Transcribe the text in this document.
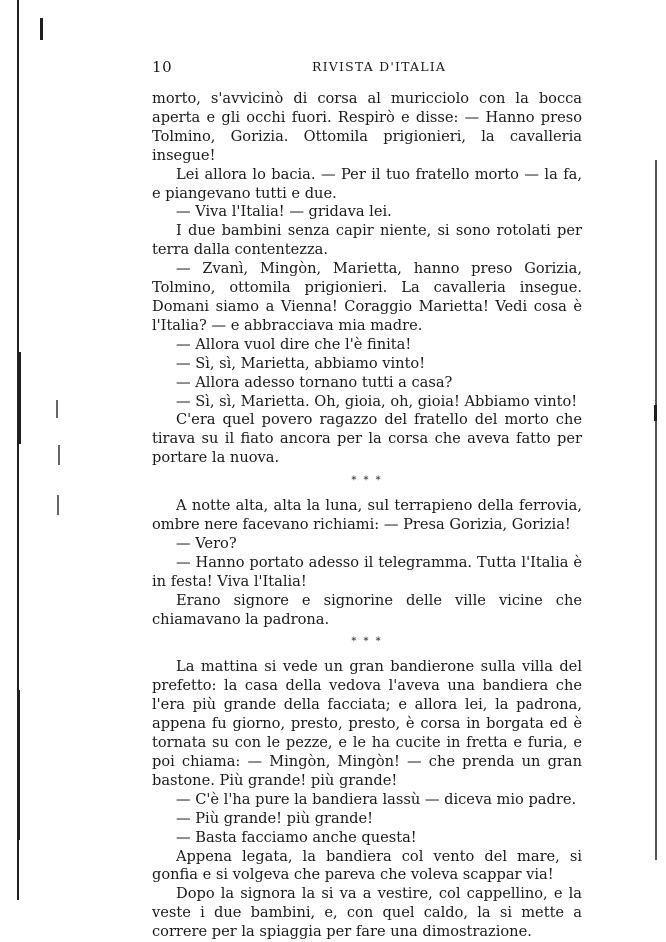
10	RIVISTA D'ITALIA

morto, s'avvicinò di corsa al muricciolo con la bocca aperta e gli occhi fuori. Respirò e disse: — Hanno preso Tolmino, Gorizia. Ottomila prigionieri, la cavalleria insegue!

Lei allora lo bacia. — Per il tuo fratello morto — la fa, e piangevano tutti e due.

— Viva l'Italia! — gridava lei.

I due bambini senza capir niente, si sono rotolati per terra dalla contentezza.

— Zvanì, Mingòn, Marietta, hanno preso Gorizia, Tolmino, ottomila prigionieri. La cavalleria insegue. Domani siamo a Vienna! Coraggio Marietta! Vedi cosa è l'Italia? — e abbracciava mia madre.

— Allora vuol dire che l'è finita!

— Sì, sì, Marietta, abbiamo vinto!

— Allora adesso tornano tutti a casa?

— Sì, sì, Marietta. Oh, gioia, oh, gioia! Abbiamo vinto!

C'era quel povero ragazzo del fratello del morto che tirava su il fiato ancora per la corsa che aveva fatto per portare la nuova.

* * *

A notte alta, alta la luna, sul terrapieno della ferrovia, ombre nere facevano richiami: — Presa Gorizia, Gorizia!

— Vero?

— Hanno portato adesso il telegramma. Tutta l'Italia è in festa! Viva l'Italia!

Erano signore e signorine delle ville vicine che chiamavano la padrona.

* * *

La mattina si vede un gran bandierone sulla villa del prefetto: la casa della vedova l'aveva una bandiera che l'era più grande della facciata; e allora lei, la padrona, appena fu giorno, presto, presto, è corsa in borgata ed è tornata su con le pezze, e le ha cucite in fretta e furia, e poi chiama: — Mingòn, Mingòn! — che prenda un gran bastone. Più grande! più grande!

— C'è l'ha pure la bandiera lassù — diceva mio padre.

— Più grande! più grande!

— Basta facciamo anche questa!

Appena legata, la bandiera col vento del mare, si gonfia e si volgeva che pareva che voleva scappar via!

Dopo la signora la si va a vestire, col cappellino, e la veste i due bambini, e, con quel caldo, la si mette a correre per la spiaggia per fare una dimostrazione.
